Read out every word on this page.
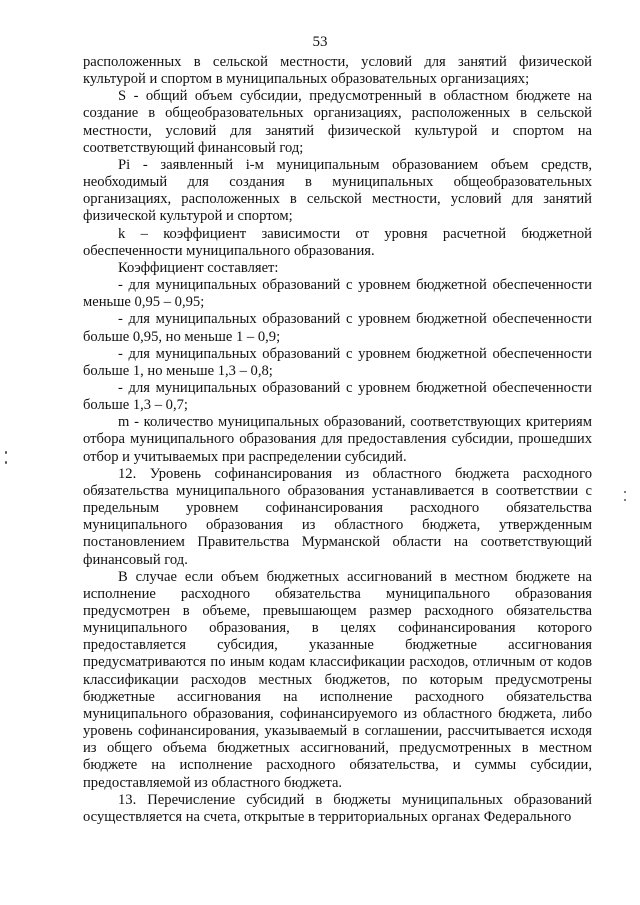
53

расположенных в сельской местности, условий для занятий физической культурой и спортом в муниципальных образовательных организациях;

S - общий объем субсидии, предусмотренный в областном бюджете на создание в общеобразовательных организациях, расположенных в сельской местности, условий для занятий физической культурой и спортом на соответствующий финансовый год;

Pi - заявленный i-м муниципальным образованием объем средств, необходимый для создания в муниципальных общеобразовательных организациях, расположенных в сельской местности, условий для занятий физической культурой и спортом;

k – коэффициент зависимости от уровня расчетной бюджетной обеспеченности муниципального образования.

Коэффициент составляет:

- для муниципальных образований с уровнем бюджетной обеспеченности меньше 0,95 – 0,95;

- для муниципальных образований с уровнем бюджетной обеспеченности больше 0,95, но меньше 1 – 0,9;

- для муниципальных образований с уровнем бюджетной обеспеченности больше 1, но меньше 1,3 – 0,8;

- для муниципальных образований с уровнем бюджетной обеспеченности больше 1,3 – 0,7;

m - количество муниципальных образований, соответствующих критериям отбора муниципального образования для предоставления субсидии, прошедших отбор и учитываемых при распределении субсидий.

12. Уровень софинансирования из областного бюджета расходного обязательства муниципального образования устанавливается в соответствии с предельным уровнем софинансирования расходного обязательства муниципального образования из областного бюджета, утвержденным постановлением Правительства Мурманской области на соответствующий финансовый год.

В случае если объем бюджетных ассигнований в местном бюджете на исполнение расходного обязательства муниципального образования предусмотрен в объеме, превышающем размер расходного обязательства муниципального образования, в целях софинансирования которого предоставляется субсидия, указанные бюджетные ассигнования предусматриваются по иным кодам классификации расходов, отличным от кодов классификации расходов местных бюджетов, по которым предусмотрены бюджетные ассигнования на исполнение расходного обязательства муниципального образования, софинансируемого из областного бюджета, либо уровень софинансирования, указываемый в соглашении, рассчитывается исходя из общего объема бюджетных ассигнований, предусмотренных в местном бюджете на исполнение расходного обязательства, и суммы субсидии, предоставляемой из областного бюджета.

13. Перечисление субсидий в бюджеты муниципальных образований осуществляется на счета, открытые в территориальных органах Федерального
